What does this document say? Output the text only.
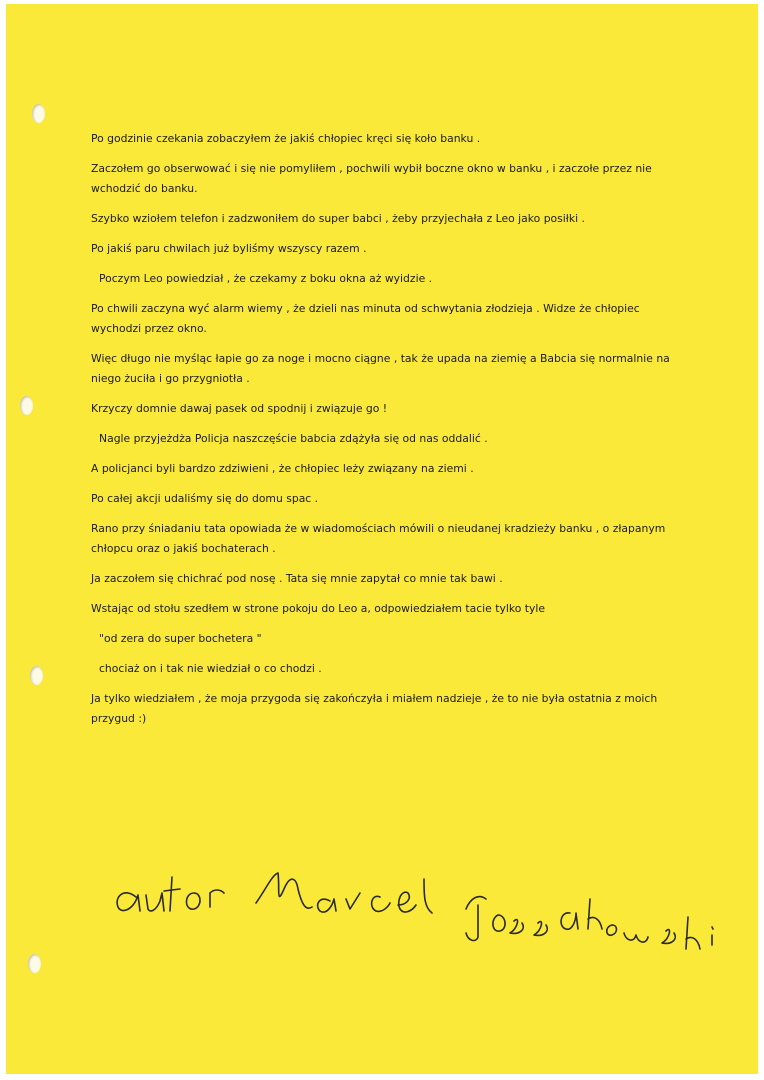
Po godzinie czekania zobaczyłem że jakiś chłopiec kręci się koło banku .

Zaczołem go obserwować i się nie pomyliłem , pochwili wybił boczne okno w banku , i zaczołe przez nie wchodzić do banku.

Szybko wziołem telefon i zadzwoniłem do super babci , żeby przyjechała z Leo jako posiłki .

Po jakiś paru chwilach już byliśmy wszyscy razem .

Poczym Leo powiedział , że czekamy z boku okna aż wyidzie .

Po chwili zaczyna wyć alarm wiemy , że dzieli nas minuta od schwytania złodzieja . Widze że chłopiec wychodzi przez okno.

Więc długo nie myśląc łapie go za noge i mocno ciągne , tak że upada na ziemię a Babcia się normalnie na niego żuciła i go przygniotła .

Krzyczy domnie dawaj pasek od spodnij i związuje go !

Nagle przyjeżdża Policja naszczęście babcia zdążyła się od nas oddalić .

A policjanci byli bardzo zdziwieni , że chłopiec leży związany na ziemi .

Po całej akcji udaliśmy się do domu spac .

Rano przy śniadaniu tata opowiada że w wiadomościach mówili o nieudanej kradzieży banku , o złapanym chłopcu oraz o jakiś bochaterach .

Ja zaczołem się chichrać pod nosę . Tata się mnie zapytał co mnie tak bawi .

Wstając od stołu szedłem w strone pokoju do Leo a, odpowiedziałem tacie tylko tyle

"od zera do super bochetera "

chociaż on i tak nie wiedział o co chodzi .

Ja tylko wiedziałem , że moja przygoda się zakończyła i miałem nadzieje , że to nie była ostatnia z moich przygud :)
